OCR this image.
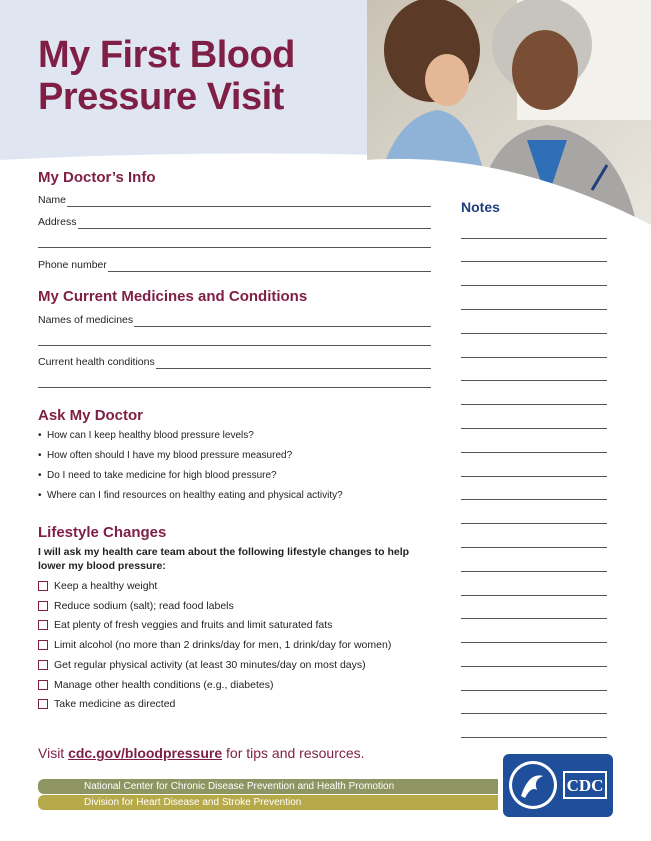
My First Blood
Pressure Visit
My Doctor’s Info
Name
Address
Phone number
My Current Medicines and Conditions
Names of medicines
Current health conditions
Ask My Doctor
• How can I keep healthy blood pressure levels?
• How often should I have my blood pressure measured?
• Do I need to take medicine for high blood pressure?
• Where can I find resources on healthy eating and physical activity?
Lifestyle Changes
I will ask my health care team about the following lifestyle changes to help lower my blood pressure:
Keep a healthy weight
Reduce sodium (salt); read food labels
Eat plenty of fresh veggies and fruits and limit saturated fats
Limit alcohol (no more than 2 drinks/day for men, 1 drink/day for women)
Get regular physical activity (at least 30 minutes/day on most days)
Manage other health conditions (e.g., diabetes)
Take medicine as directed
Notes
Visit cdc.gov/bloodpressure for tips and resources.
National Center for Chronic Disease Prevention and Health Promotion
Division for Heart Disease and Stroke Prevention
CDC
